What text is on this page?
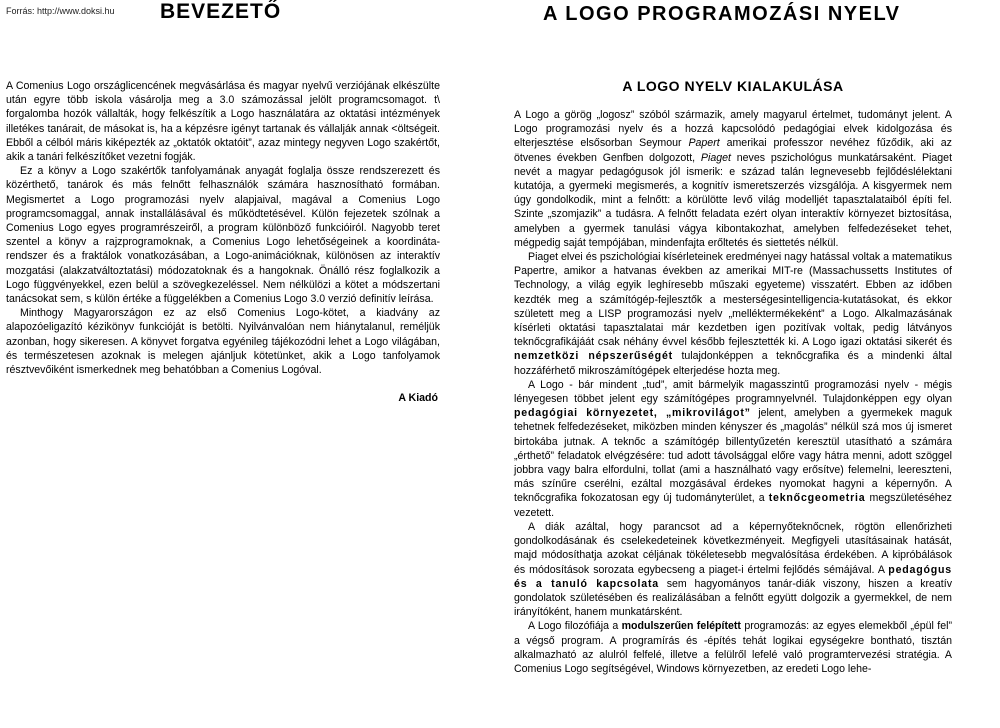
Forrás: http://www.doksi.hu BEVEZETŐ	A LOGO PROGRAMOZÁSI NYELV

A Comenius Logo országlicencének megvásárlása és magyar nyelvű verziójának elkészülte után egyre több iskola vásárolja meg a 3.0 számozással jelölt programcsomagot. t\ forgalomba hozók vállalták, hogy felkészítik a Logo használatára az oktatási intézmények illetékes tanárait, de másokat is, ha a képzésre igényt tartanak és vállalják annak <öltségeit. Ebből a célból máris kiképezték az „oktatók oktatóit”, azaz mintegy negyven Logo szakértőt, akik a tanári felkészítőket vezetni fogják.

Ez a könyv a Logo szakértők tanfolyamának anyagát foglalja össze rendszerezett és közérthető, tanárok és más felnőtt felhasználók számára hasznosítható formában. Megismertet a Logo programozási nyelv alapjaival, magával a Comenius Logo programcsomaggal, annak installálásával és működtetésével. Külön fejezetek szólnak a Comenius Logo egyes programrészeiről, a program különböző funkcióiról. Nagyobb teret szentel a könyv a rajzprogramoknak, a Comenius Logo lehetőségeinek a koordináta-rendszer és a fraktálok vonatkozásában, a Logo-animációknak, különösen az interaktív mozgatási (alakzatváltoztatási) módozatoknak és a hangoknak. Önálló rész foglalkozik a Logo függvényekkel, ezen belül a szövegkezeléssel. Nem nélkülözi a kötet a módszertani tanácsokat sem, s külön értéke a függelékben a Comenius Logo 3.0 verzió definitív leírása.

Minthogy Magyarországon ez az első Comenius Logo-kötet, a kiadvány az alapozóeligazító kézikönyv funkcióját is betölti. Nyilvánvalóan nem hiánytalanul, reméljük azonban, hogy sikeresen. A könyvet forgatva egyénileg tájékozódni lehet a Logo világában, és természetesen azoknak is melegen ajánljuk kötetünket, akik a Logo tanfolyamok résztvevőiként ismerkednek meg behatóbban a Comenius Logóval.

A Kiadó

A LOGO NYELV KIALAKULÁSA

A Logo a görög „logosz” szóból származik, amely magyarul értelmet, tudományt jelent. A Logo programozási nyelv és a hozzá kapcsolódó pedagógiai elvek kidolgozása és elterjesztése elsősorban Seymour Papert amerikai professzor nevéhez fűződik, aki az ötvenes években Genfben dolgozott, Piaget neves pszichológus munkatársaként. Piaget nevét a magyar pedagógusok jól ismerik: e század talán legnevesebb fejlődéslélektani kutatója, a gyermeki megismerés, a kognitív ismeretszerzés vizsgálója. A kisgyermek nem úgy gondolkodik, mint a felnőtt: a körülötte levő világ modelljét tapasztalataiból építi fel. Szinte „szomjazik” a tudásra. A felnőtt feladata ezért olyan interaktív környezet biztosítása, amelyben a gyermek tanulási vágya kibontakozhat, amelyben felfedezéseket tehet, mégpedig saját tempójában, mindenfajta erőltetés és siettetés nélkül.

Piaget elvei és pszichológiai kísérleteinek eredményei nagy hatással voltak a matematikus Papertre, amikor a hatvanas években az amerikai MIT-re (Massachussetts Institutes of Technology, a világ egyik leghíresebb műszaki egyeteme) visszatért. Ebben az időben kezdték meg a számítógép-fejlesztők a mesterségesintelligencia-kutatásokat, és ekkor született meg a LISP programozási nyelv „melléktermékeként” a Logo. Alkalmazásának kísérleti oktatási tapasztalatai már kezdetben igen pozitívak voltak, pedig látványos teknőcgrafikájáát csak néhány évvel később fejlesztették ki. A Logo igazi oktatási sikerét és nemzetközi népszerűségét tulajdonképpen a teknőcgrafika és a mindenki által hozzáférhető mikroszámítógépek elterjedése hozta meg.

A Logo - bár mindent „tud”, amit bármelyik magasszintű programozási nyelv - mégis lényegesen többet jelent egy számítógépes programnyelvnél. Tulajdonképpen egy olyan pedagógiai környezetet, „mikrovilágot” jelent, amelyben a gyermekek maguk tehetnek felfedezéseket, miközben minden kényszer és „magolás” nélkül szá mos új ismeret birtokába jutnak. A teknőc a számítógép billentyűzetén keresztül utasítható a számára „érthető” feladatok elvégzésére: tud adott távolsággal előre vagy hátra menni, adott szöggel jobbra vagy balra elfordulni, tollat (ami a használható vagy erősítve) felemelni, leereszteni, más színűre cserélni, ezáltal mozgásával érdekes nyomokat hagyni a képernyőn. A teknőcgrafika fokozatosan egy új tudományterület, a teknőcgeometria megszületéséhez vezetett.

A diák azáltal, hogy parancsot ad a képernyőteknőcnek, rögtön ellenőrizheti gondolkodásának és cselekedeteinek következményeit. Megfigyeli utasításainak hatását, majd módosíthatja azokat céljának tökéletesebb megvalósítása érdekében. A kipróbálások és módosítások sorozata egybecseng a piaget-i értelmi fejlődés sémájával. A pedagógus és a tanuló kapcsolata sem hagyományos tanár-diák viszony, hiszen a kreatív gondolatok születésében és realizálásában a felnőtt együtt dolgozik a gyermekkel, de nem irányítóként, hanem munkatársként.

A Logo filozófiája a modulszerűen felépített programozás: az egyes elemekből „épül fel” a végső program. A programírás és -építés tehát logikai egységekre bontható, tisztán alkalmazható az alulról felfelé, illetve a felülről lefelé való programtervezési stratégia. A Comenius Logo segítségével, Windows környezetben, az eredeti Logo lehe-
